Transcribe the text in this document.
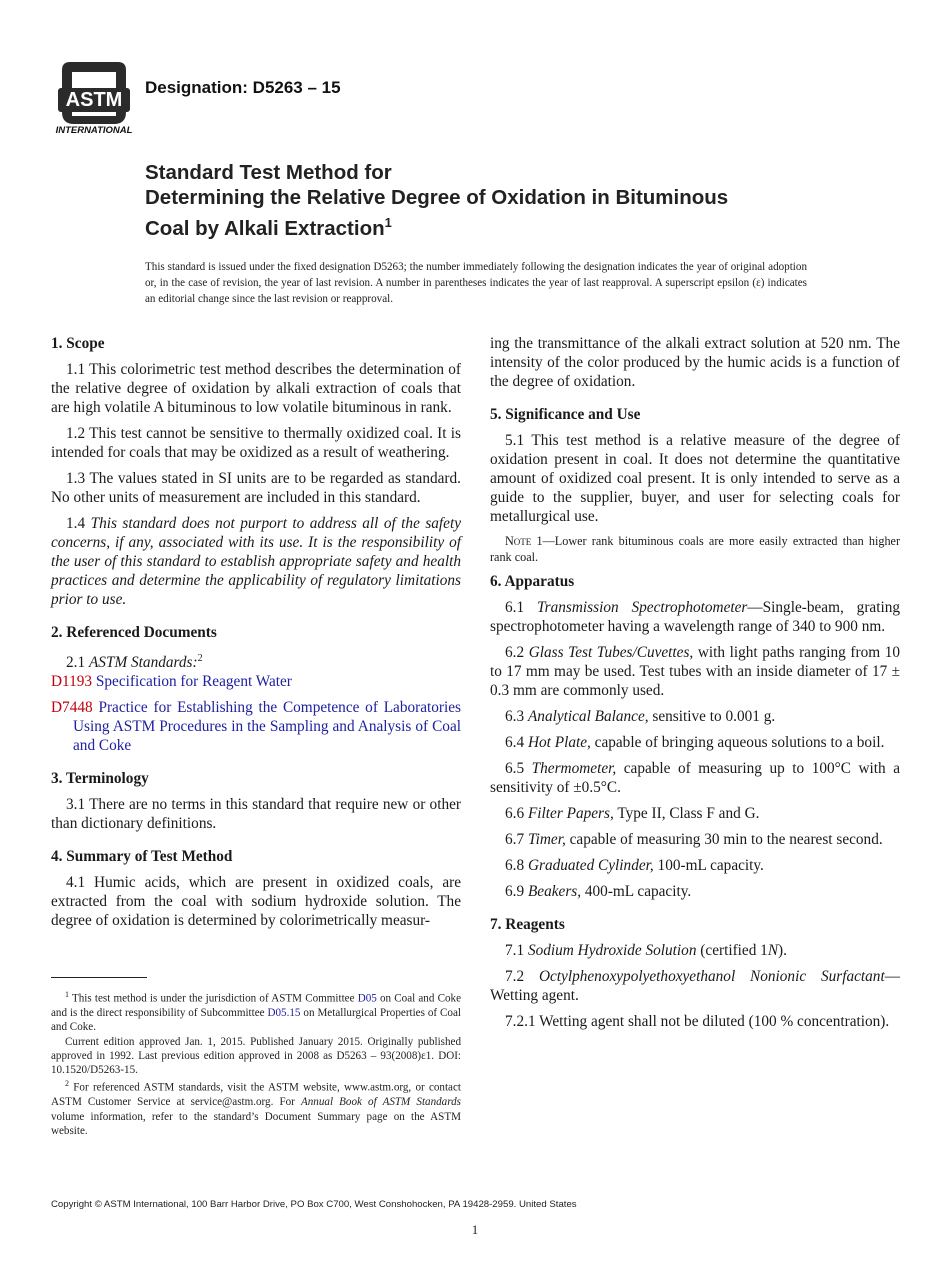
ASTM
INTERNATIONAL
Designation: D5263 – 15
Standard Test Method for
Determining the Relative Degree of Oxidation in Bituminous
Coal by Alkali Extraction$^1$
This standard is issued under the fixed designation D5263; the number immediately following the designation indicates the year of original adoption or, in the case of revision, the year of last revision. A number in parentheses indicates the year of last reapproval. A superscript epsilon (ε) indicates an editorial change since the last revision or reapproval.
1. Scope

1.1 This colorimetric test method describes the determination of the relative degree of oxidation by alkali extraction of coals that are high volatile A bituminous to low volatile bituminous in rank.

1.2 This test cannot be sensitive to thermally oxidized coal. It is intended for coals that may be oxidized as a result of weathering.

1.3 The values stated in SI units are to be regarded as standard. No other units of measurement are included in this standard.

1.4 This standard does not purport to address all of the safety concerns, if any, associated with its use. It is the responsibility of the user of this standard to establish appropriate safety and health practices and determine the applicability of regulatory limitations prior to use.

2. Referenced Documents

2.1 ASTM Standards:$^2$

D1193 Specification for Reagent Water

D7448 Practice for Establishing the Competence of Laboratories Using ASTM Procedures in the Sampling and Analysis of Coal and Coke

3. Terminology

3.1 There are no terms in this standard that require new or other than dictionary definitions.

4. Summary of Test Method

4.1 Humic acids, which are present in oxidized coals, are extracted from the coal with sodium hydroxide solution. The degree of oxidation is determined by colorimetrically measur-

$^1$ This test method is under the jurisdiction of ASTM Committee D05 on Coal and Coke and is the direct responsibility of Subcommittee D05.15 on Metallurgical Properties of Coal and Coke.

Current edition approved Jan. 1, 2015. Published January 2015. Originally published approved in 1992. Last previous edition approved in 2008 as D5263 – 93(2008)ε1. DOI: 10.1520/D5263-15.

$^2$ For referenced ASTM standards, visit the ASTM website, www.astm.org, or contact ASTM Customer Service at service@astm.org. For Annual Book of ASTM Standards volume information, refer to the standard’s Document Summary page on the ASTM website.

ing the transmittance of the alkali extract solution at 520 nm. The intensity of the color produced by the humic acids is a function of the degree of oxidation.

5. Significance and Use

5.1 This test method is a relative measure of the degree of oxidation present in coal. It does not determine the quantitative amount of oxidized coal present. It is only intended to serve as a guide to the supplier, buyer, and user for selecting coals for metallurgical use.

Note 1—Lower rank bituminous coals are more easily extracted than higher rank coal.

6. Apparatus

6.1 Transmission Spectrophotometer—Single-beam, grating spectrophotometer having a wavelength range of 340 to 900 nm.

6.2 Glass Test Tubes/Cuvettes, with light paths ranging from 10 to 17 mm may be used. Test tubes with an inside diameter of 17 ± 0.3 mm are commonly used.

6.3 Analytical Balance, sensitive to 0.001 g.

6.4 Hot Plate, capable of bringing aqueous solutions to a boil.

6.5 Thermometer, capable of measuring up to 100°C with a sensitivity of ±0.5°C.

6.6 Filter Papers, Type II, Class F and G.

6.7 Timer, capable of measuring 30 min to the nearest second.

6.8 Graduated Cylinder, 100-mL capacity.

6.9 Beakers, 400-mL capacity.

7. Reagents

7.1 Sodium Hydroxide Solution (certified 1N).

7.2 Octylphenoxypolyethoxyethanol Nonionic Surfactant—Wetting agent.

7.2.1 Wetting agent shall not be diluted (100 % concentration).

Copyright © ASTM International, 100 Barr Harbor Drive, PO Box C700, West Conshohocken, PA 19428-2959. United States
1
